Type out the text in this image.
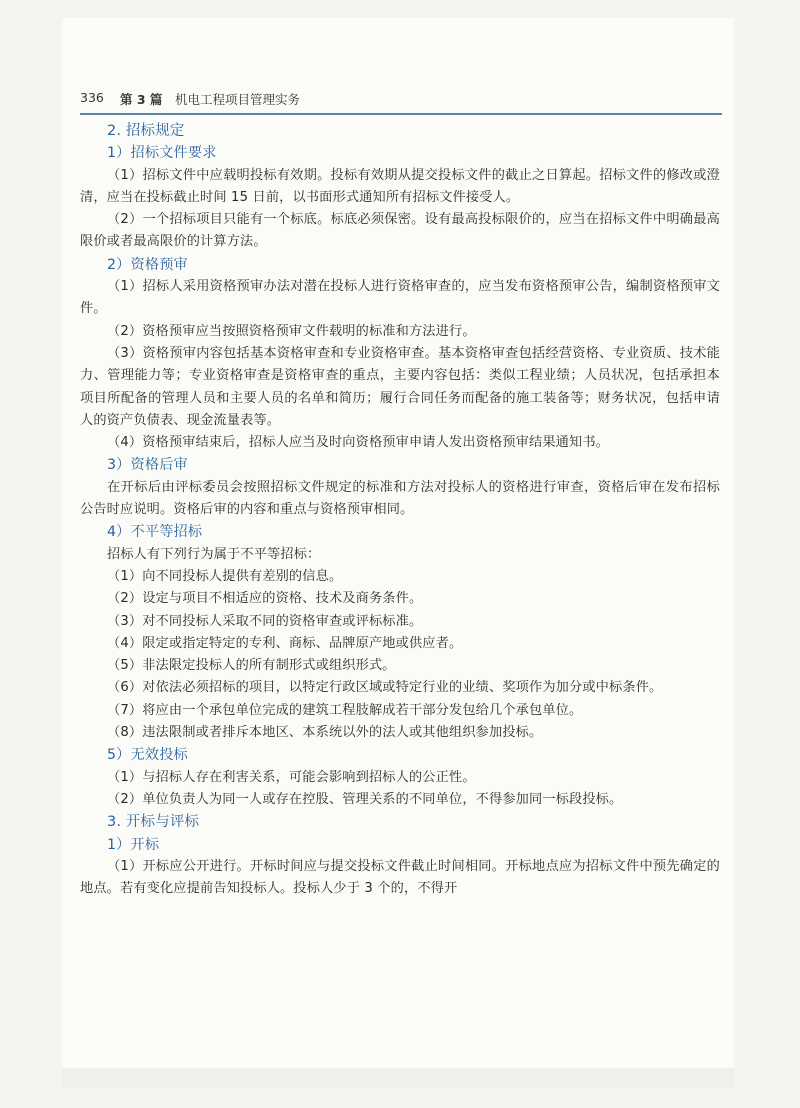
336 第 3 篇 机电工程项目管理实务
2. 招标规定
1）招标文件要求
（1）招标文件中应载明投标有效期。投标有效期从提交投标文件的截止之日算起。招标文件的修改或澄清，应当在投标截止时间 15 日前，以书面形式通知所有招标文件接受人。
（2）一个招标项目只能有一个标底。标底必须保密。设有最高投标限价的，应当在招标文件中明确最高限价或者最高限价的计算方法。
2）资格预审
（1）招标人采用资格预审办法对潜在投标人进行资格审查的，应当发布资格预审公告，编制资格预审文件。
（2）资格预审应当按照资格预审文件载明的标准和方法进行。
（3）资格预审内容包括基本资格审查和专业资格审查。基本资格审查包括经营资格、专业资质、技术能力、管理能力等；专业资格审查是资格审查的重点，主要内容包括：类似工程业绩；人员状况，包括承担本项目所配备的管理人员和主要人员的名单和简历；履行合同任务而配备的施工装备等；财务状况，包括申请人的资产负债表、现金流量表等。
（4）资格预审结束后，招标人应当及时向资格预审申请人发出资格预审结果通知书。
3）资格后审
在开标后由评标委员会按照招标文件规定的标准和方法对投标人的资格进行审查，资格后审在发布招标公告时应说明。资格后审的内容和重点与资格预审相同。
4）不平等招标
招标人有下列行为属于不平等招标：
（1）向不同投标人提供有差别的信息。
（2）设定与项目不相适应的资格、技术及商务条件。
（3）对不同投标人采取不同的资格审查或评标标准。
（4）限定或指定特定的专利、商标、品牌原产地或供应者。
（5）非法限定投标人的所有制形式或组织形式。
（6）对依法必须招标的项目，以特定行政区域或特定行业的业绩、奖项作为加分或中标条件。
（7）将应由一个承包单位完成的建筑工程肢解成若干部分发包给几个承包单位。
（8）违法限制或者排斥本地区、本系统以外的法人或其他组织参加投标。
5）无效投标
（1）与招标人存在利害关系，可能会影响到招标人的公正性。
（2）单位负责人为同一人或存在控股、管理关系的不同单位，不得参加同一标段投标。
3. 开标与评标
1）开标
（1）开标应公开进行。开标时间应与提交投标文件截止时间相同。开标地点应为招标文件中预先确定的地点。若有变化应提前告知投标人。投标人少于 3 个的，不得开
